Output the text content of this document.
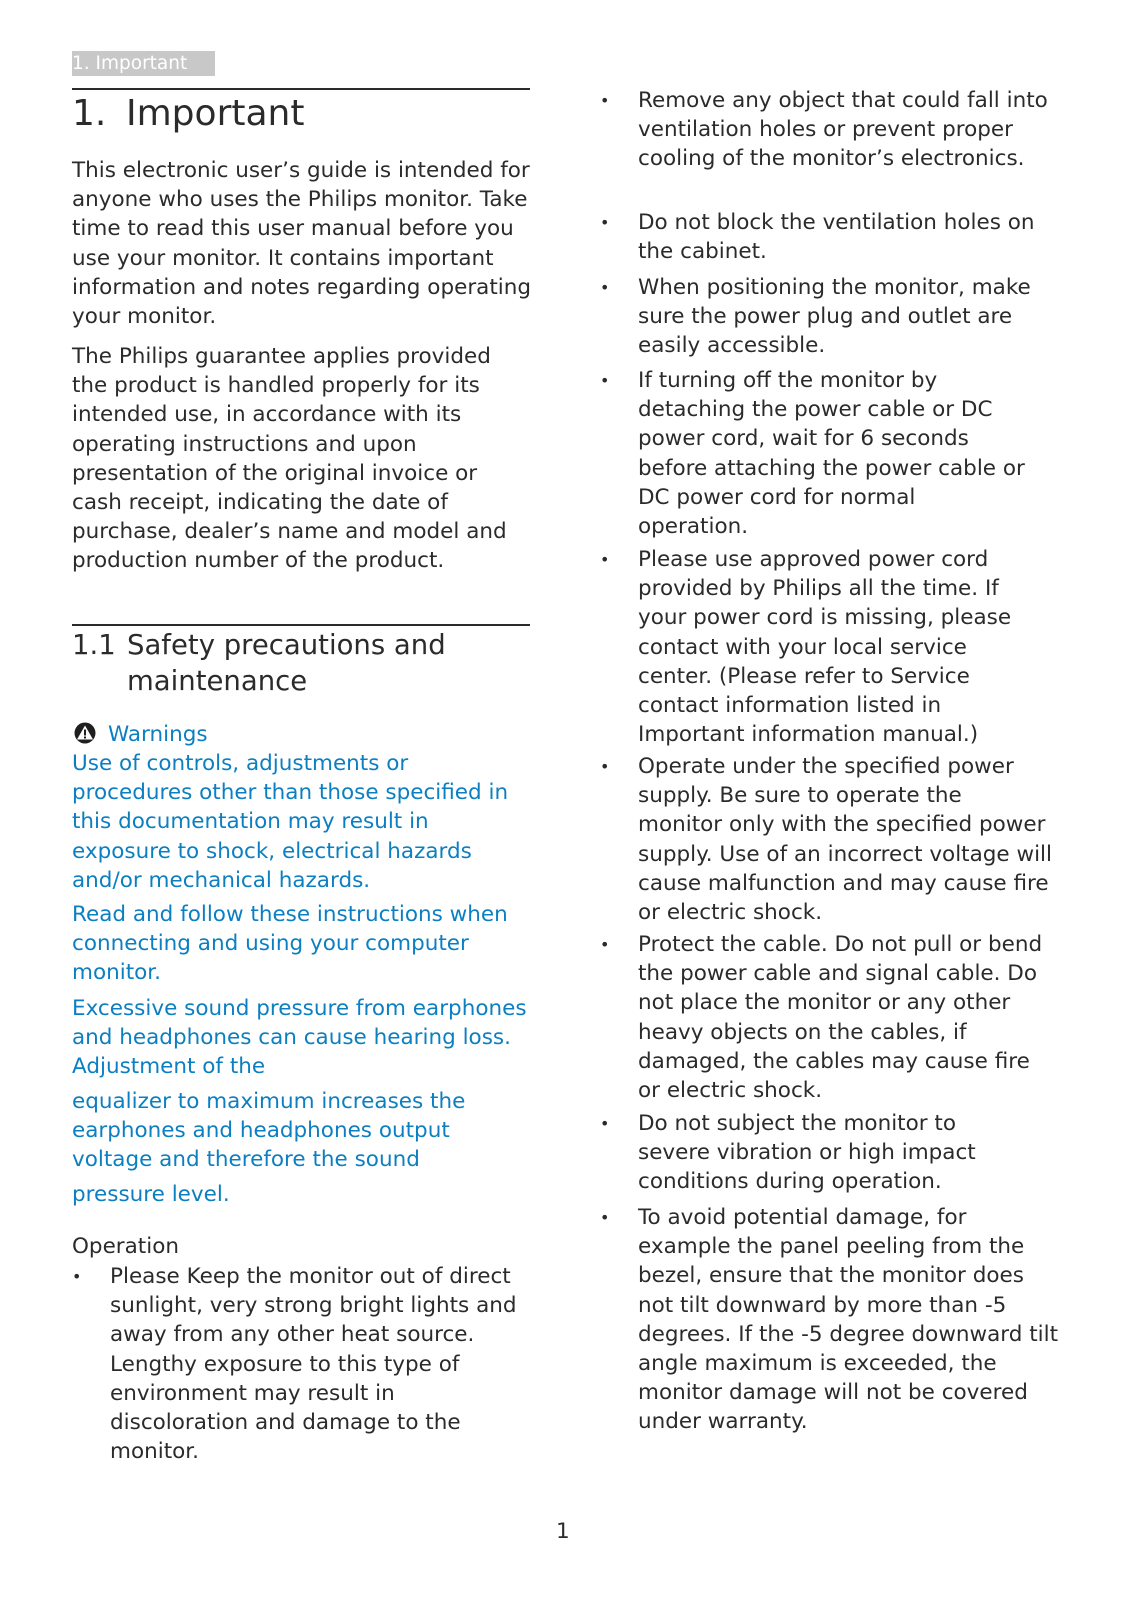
1. Important
1. Important
This electronic user’s guide is intended for anyone who uses the Philips monitor. Take time to read this user manual before you use your monitor. It contains important information and notes regarding operating your monitor.
The Philips guarantee applies provided the product is handled properly for its intended use, in accordance with its operating instructions and upon presentation of the original invoice or cash receipt, indicating the date of purchase, dealer’s name and model and production number of the product.
1.1 Safety precautions and maintenance
Warnings
Use of controls, adjustments or procedures other than those specified in this documentation may result in exposure to shock, electrical hazards and/or mechanical hazards.
Read and follow these instructions when connecting and using your computer monitor.
Excessive sound pressure from earphones and headphones can cause hearing loss. Adjustment of the
equalizer to maximum increases the earphones and headphones output voltage and therefore the sound
pressure level.
Operation
• Please Keep the monitor out of direct sunlight, very strong bright lights and away from any other heat source. Lengthy exposure to this type of environment may result in discoloration and damage to the monitor.
• Remove any object that could fall into ventilation holes or prevent proper cooling of the monitor’s electronics.
• Do not block the ventilation holes on the cabinet.
• When positioning the monitor, make sure the power plug and outlet are easily accessible.
• If turning off the monitor by detaching the power cable or DC power cord, wait for 6 seconds before attaching the power cable or DC power cord for normal operation.
• Please use approved power cord provided by Philips all the time. If your power cord is missing, please contact with your local service center. (Please refer to Service contact information listed in Important information manual.)
• Operate under the specified power supply. Be sure to operate the monitor only with the specified power supply. Use of an incorrect voltage will cause malfunction and may cause fire or electric shock.
• Protect the cable. Do not pull or bend the power cable and signal cable. Do not place the monitor or any other heavy objects on the cables, if damaged, the cables may cause fire or electric shock.
• Do not subject the monitor to severe vibration or high impact conditions during operation.
• To avoid potential damage, for example the panel peeling from the bezel, ensure that the monitor does not tilt downward by more than -5 degrees. If the -5 degree downward tilt angle maximum is exceeded, the monitor damage will not be covered under warranty.
1
